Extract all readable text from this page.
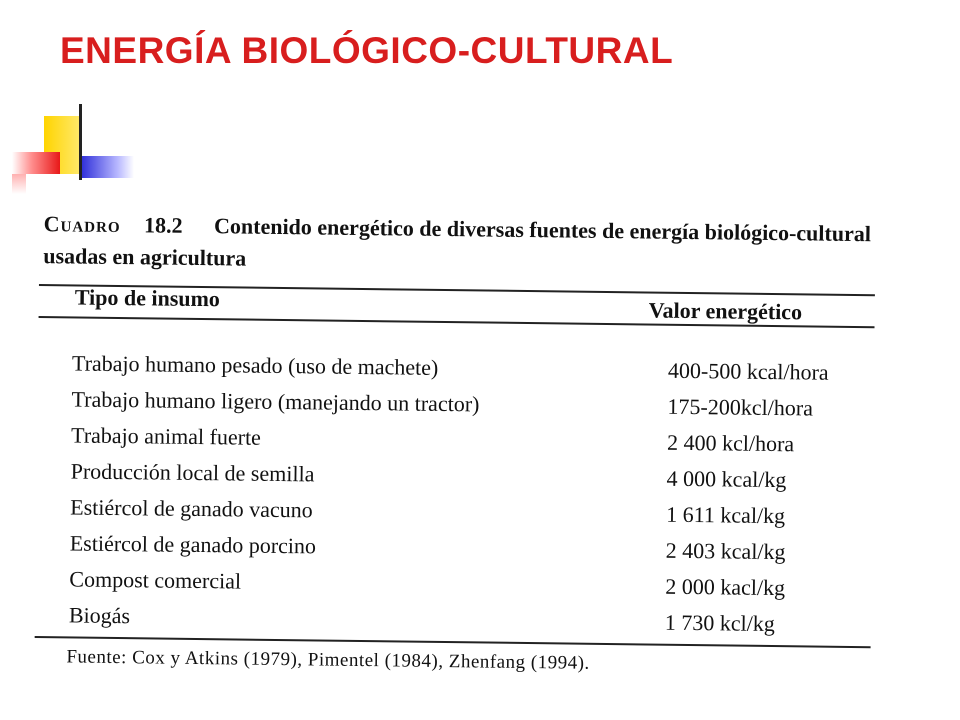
ENERGÍA BIOLÓGICO-CULTURAL
Cuadro 18.2 Contenido energético de diversas fuentes de energía biológico-cultural usadas en agricultura
Tipo de insumo	Valor energético
Trabajo humano pesado (uso de machete)	400-500 kcal/hora
Trabajo humano ligero (manejando un tractor)	175-200kcl/hora
Trabajo animal fuerte	2 400 kcl/hora
Producción local de semilla	4 000 kcal/kg
Estiércol de ganado vacuno	1 611 kcal/kg
Estiércol de ganado porcino	2 403 kcal/kg
Compost comercial	2 000 kacl/kg
Biogás	1 730 kcl/kg
Fuente: Cox y Atkins (1979), Pimentel (1984), Zhenfang (1994).
